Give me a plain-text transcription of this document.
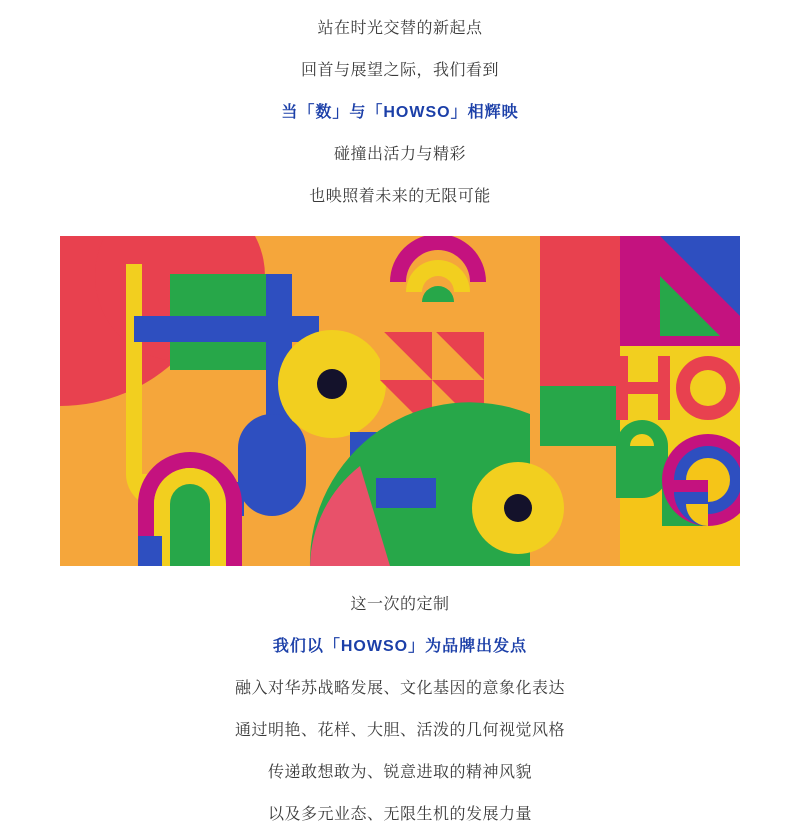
站在时光交替的新起点

回首与展望之际，我们看到

当「数」与「HOWSO」相辉映

碰撞出活力与精彩

也映照着未来的无限可能

这一次的定制

我们以「HOWSO」为品牌出发点

融入对华苏战略发展、文化基因的意象化表达

通过明艳、花样、大胆、活泼的几何视觉风格

传递敢想敢为、锐意进取的精神风貌

以及多元业态、无限生机的发展力量
